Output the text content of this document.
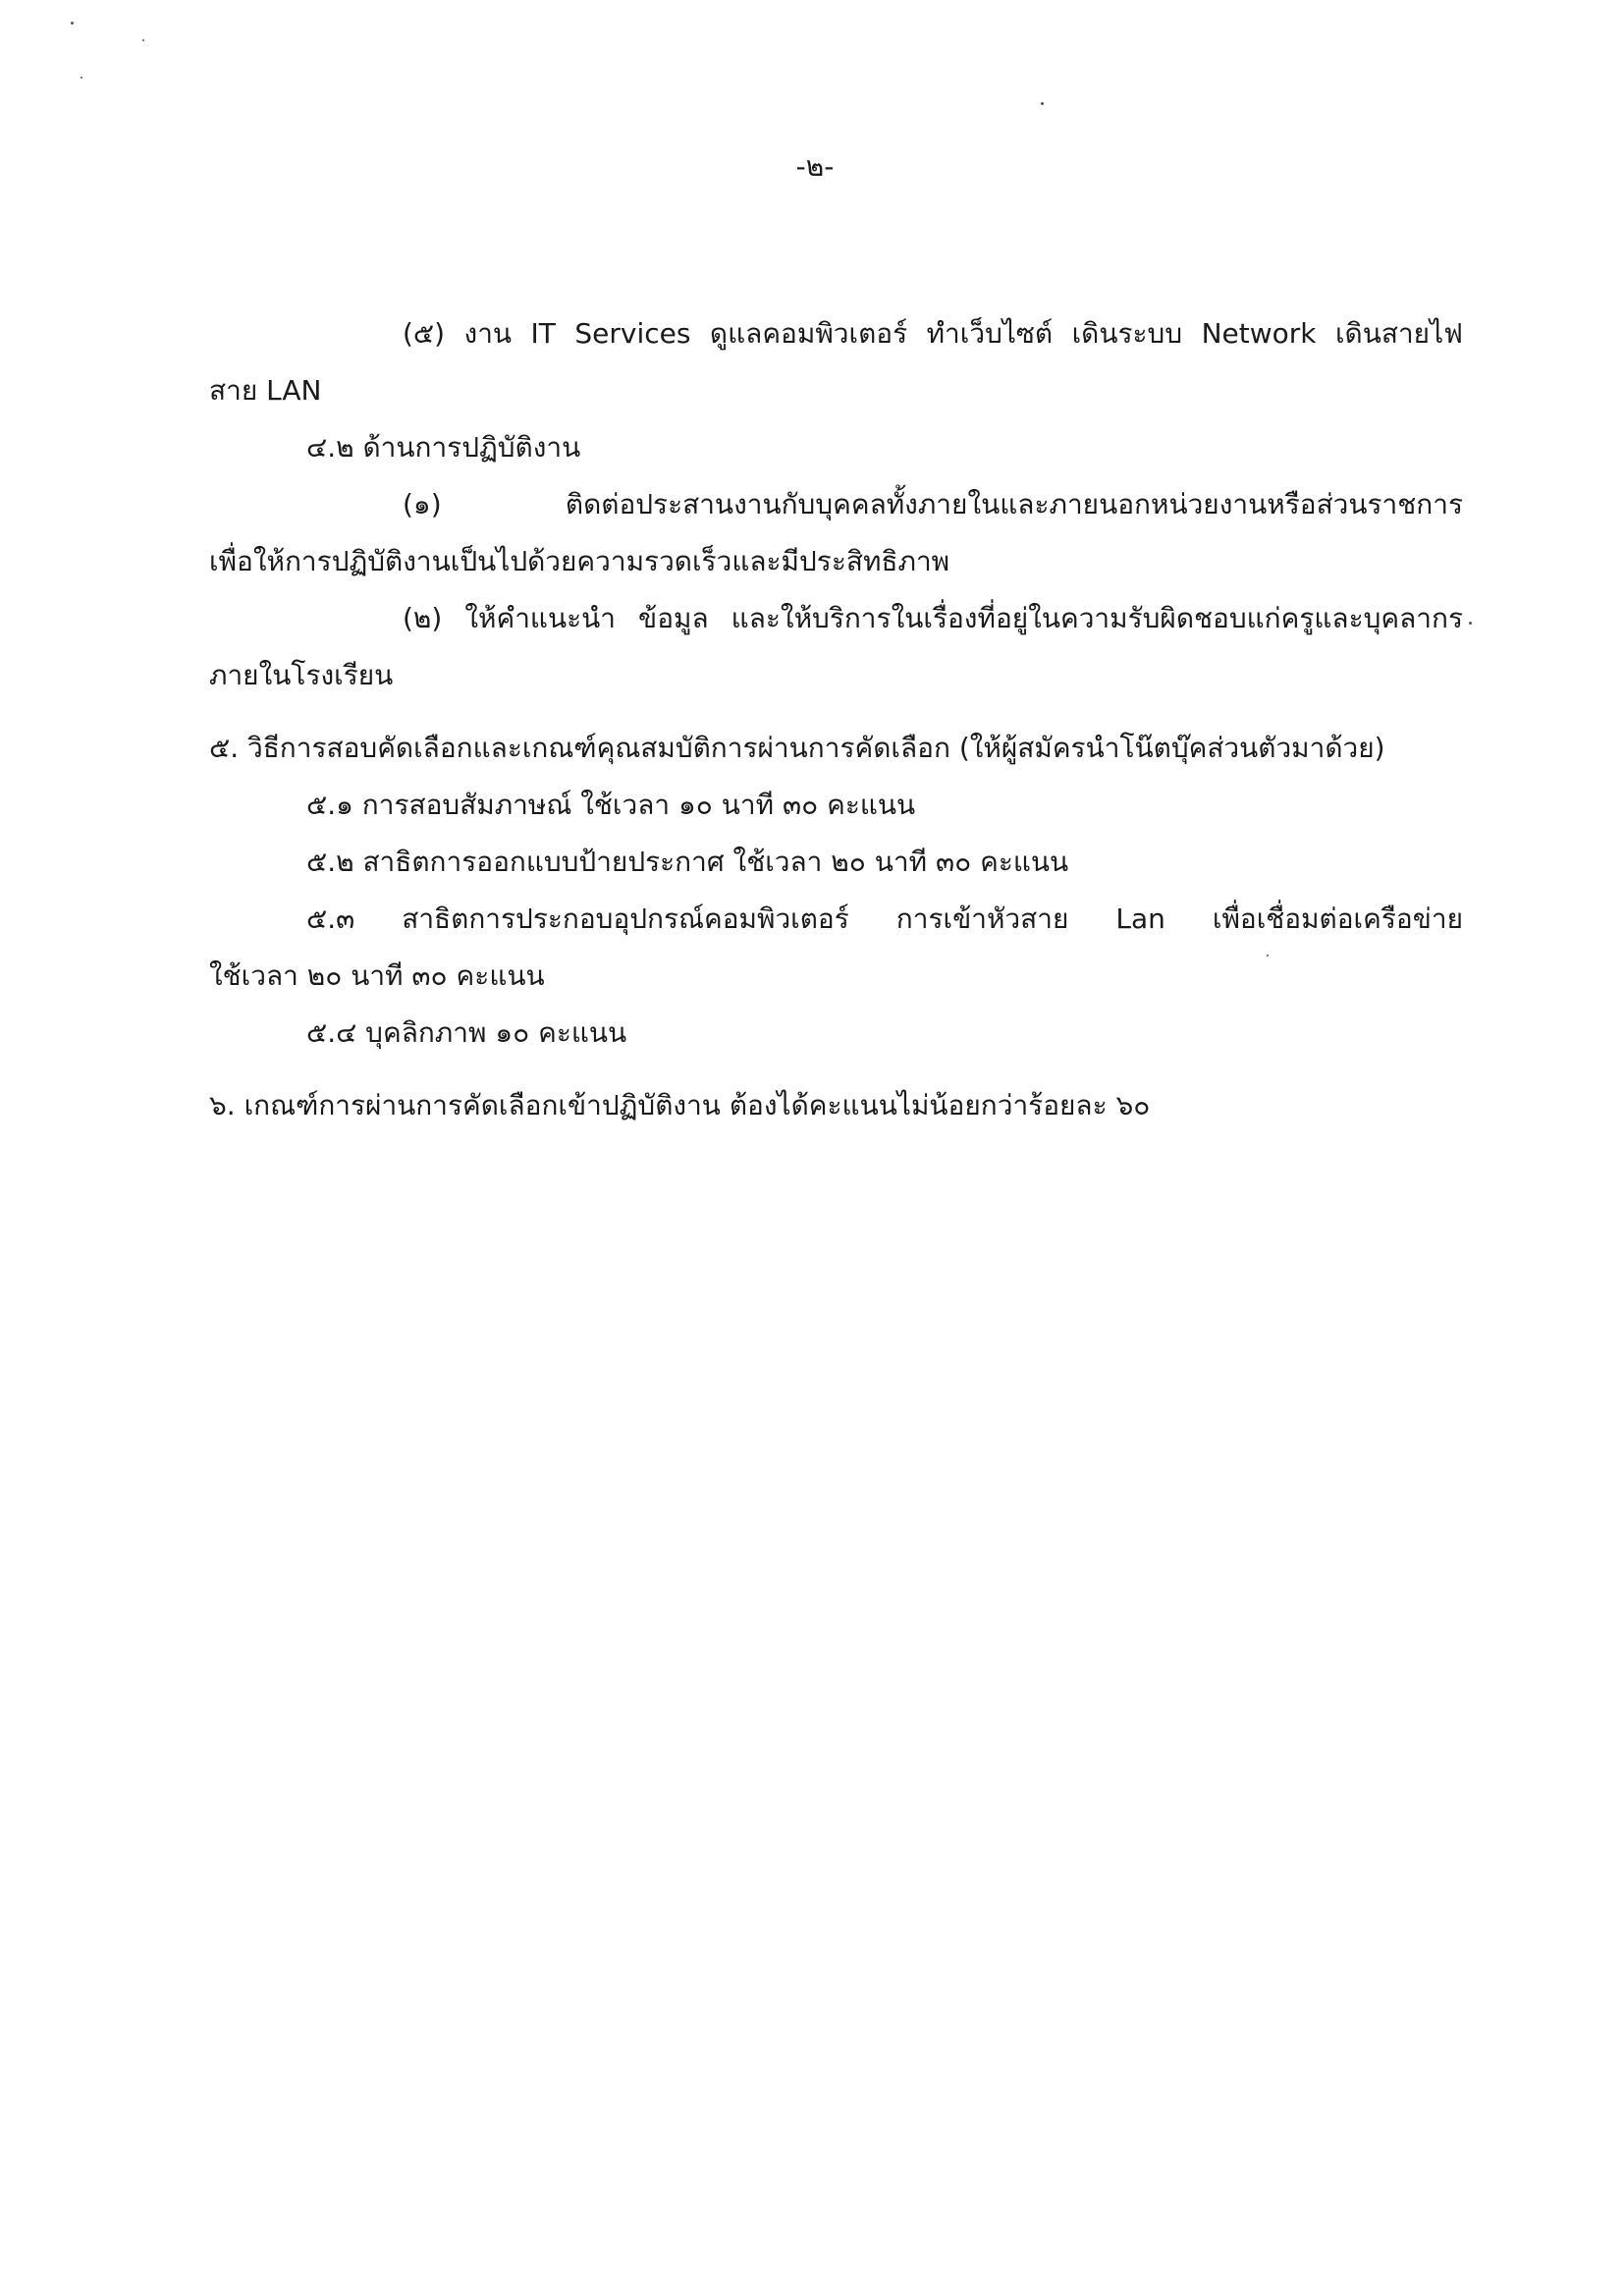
-๒-
(๕) งาน IT Services ดูแลคอมพิวเตอร์ ทำเว็บไซต์ เดินระบบ Network เดินสายไฟ
สาย LAN
๔.๒ ด้านการปฏิบัติงาน
(๑) ติดต่อประสานงานกับบุคคลทั้งภายในและภายนอกหน่วยงานหรือส่วนราชการ
เพื่อให้การปฏิบัติงานเป็นไปด้วยความรวดเร็วและมีประสิทธิภาพ
(๒) ให้คำแนะนำ ข้อมูล และให้บริการในเรื่องที่อยู่ในความรับผิดชอบแก่ครูและบุคลากร
ภายในโรงเรียน
๕. วิธีการสอบคัดเลือกและเกณฑ์คุณสมบัติการผ่านการคัดเลือก (ให้ผู้สมัครนำโน๊ตบุ๊คส่วนตัวมาด้วย)
๕.๑ การสอบสัมภาษณ์ ใช้เวลา ๑๐ นาที ๓๐ คะแนน
๕.๒ สาธิตการออกแบบป้ายประกาศ ใช้เวลา ๒๐ นาที ๓๐ คะแนน
๕.๓ สาธิตการประกอบอุปกรณ์คอมพิวเตอร์ การเข้าหัวสาย Lan เพื่อเชื่อมต่อเครือข่าย
ใช้เวลา ๒๐ นาที ๓๐ คะแนน
๕.๔ บุคลิกภาพ ๑๐ คะแนน
๖. เกณฑ์การผ่านการคัดเลือกเข้าปฏิบัติงาน ต้องได้คะแนนไม่น้อยกว่าร้อยละ ๖๐
